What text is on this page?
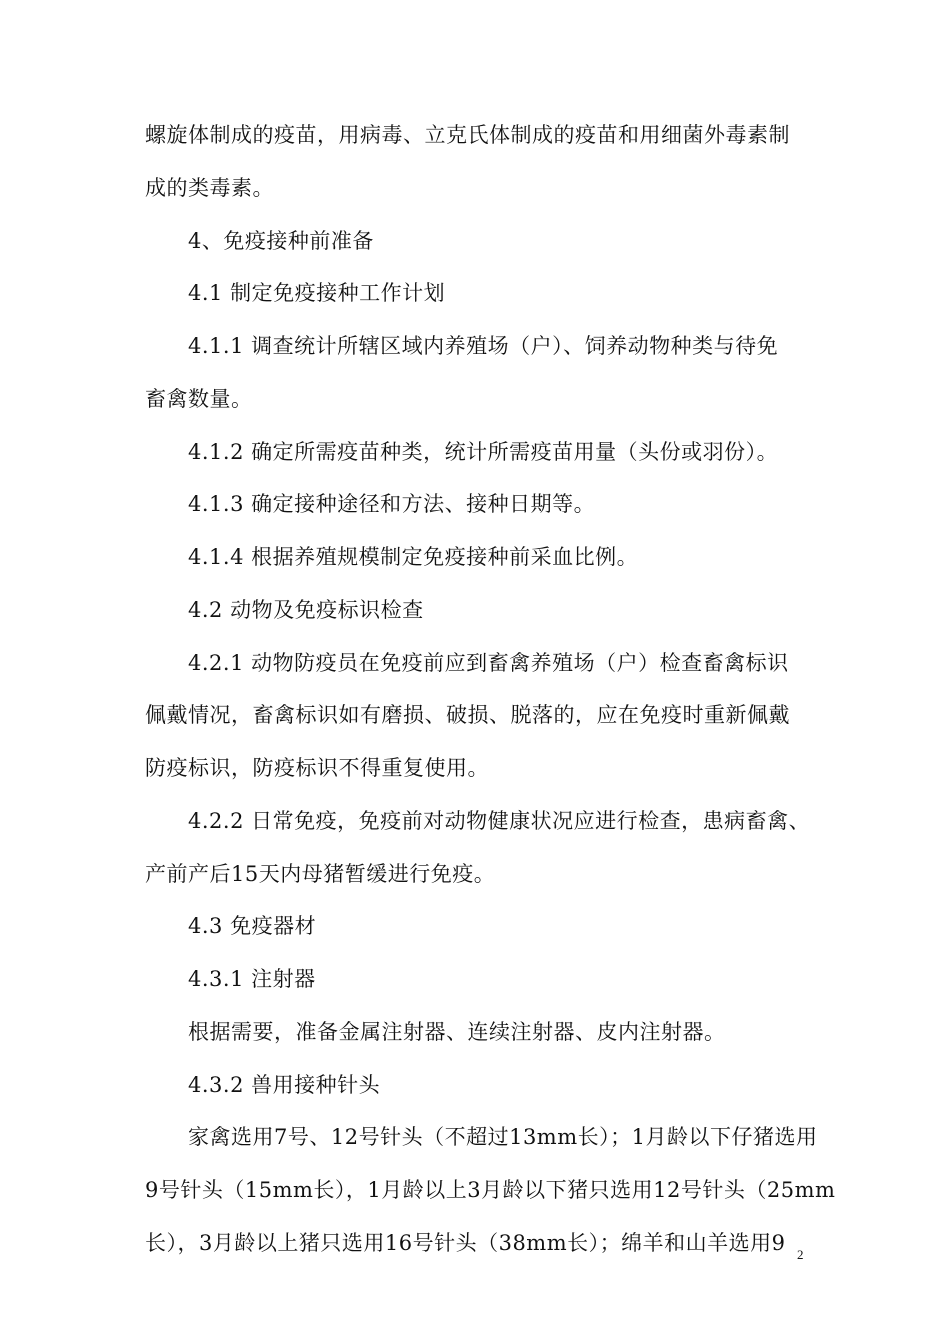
螺旋体制成的疫苗，用病毒、立克氏体制成的疫苗和用细菌外毒素制
成的类毒素。
4、免疫接种前准备
4.1 制定免疫接种工作计划
4.1.1 调查统计所辖区域内养殖场（户）、饲养动物种类与待免
畜禽数量。
4.1.2 确定所需疫苗种类，统计所需疫苗用量（头份或羽份）。
4.1.3 确定接种途径和方法、接种日期等。
4.1.4 根据养殖规模制定免疫接种前采血比例。
4.2 动物及免疫标识检查
4.2.1 动物防疫员在免疫前应到畜禽养殖场（户）检查畜禽标识
佩戴情况，畜禽标识如有磨损、破损、脱落的，应在免疫时重新佩戴
防疫标识，防疫标识不得重复使用。
4.2.2 日常免疫，免疫前对动物健康状况应进行检查，患病畜禽、
产前产后15天内母猪暂缓进行免疫。
4.3 免疫器材
4.3.1 注射器
根据需要，准备金属注射器、连续注射器、皮内注射器。
4.3.2 兽用接种针头
家禽选用7号、12号针头（不超过13mm长）；1月龄以下仔猪选用
9号针头（15mm长），1月龄以上3月龄以下猪只选用12号针头（25mm
长），3月龄以上猪只选用16号针头（38mm长）；绵羊和山羊选用9 2
